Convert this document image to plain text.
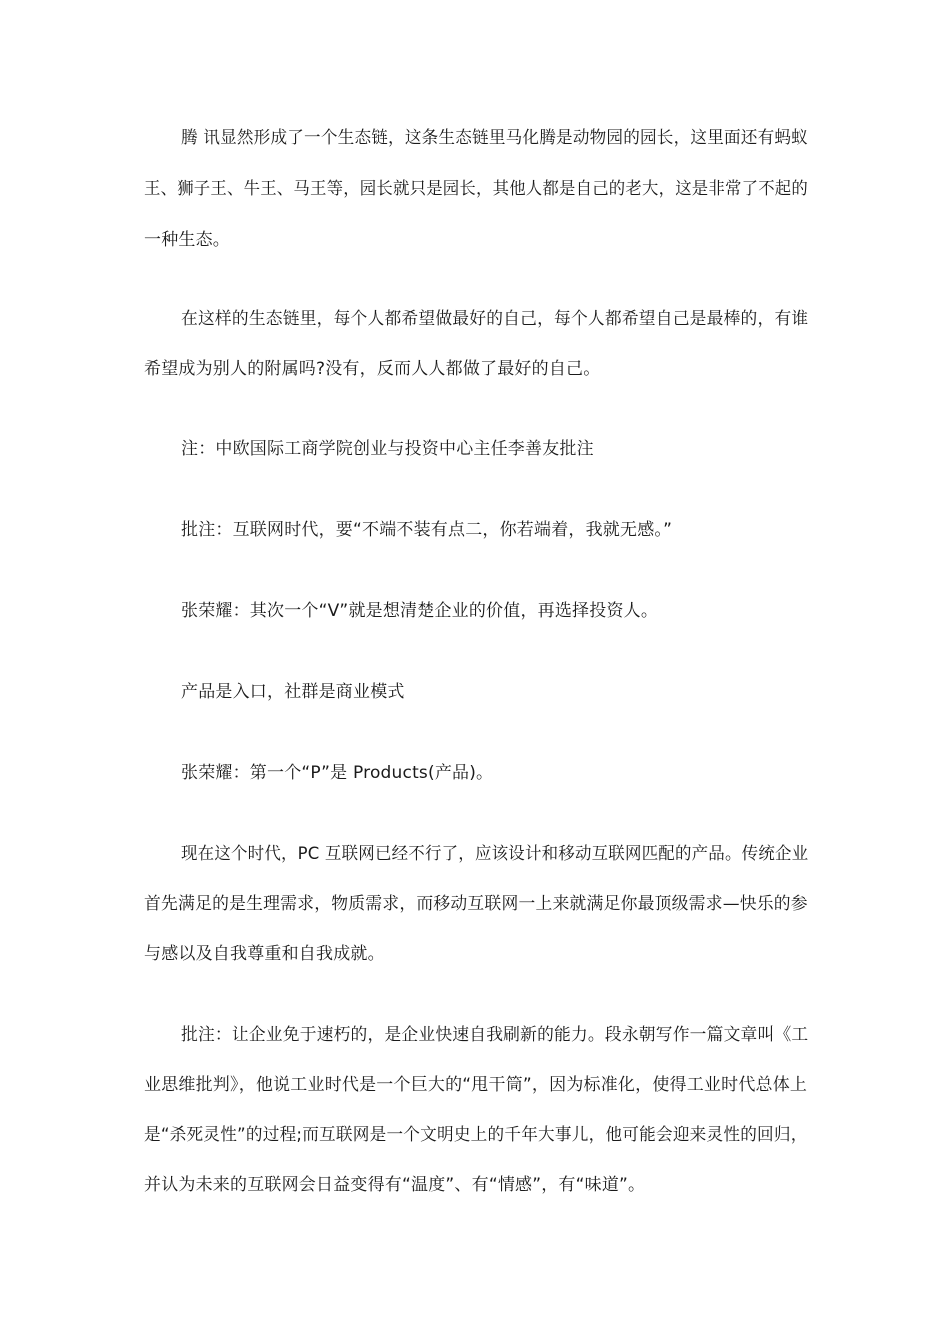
腾 讯显然形成了一个生态链，这条生态链里马化腾是动物园的园长，这里面还有蚂蚁
王、狮子王、牛王、马王等，园长就只是园长，其他人都是自己的老大，这是非常了不起的
一种生态。
在这样的生态链里，每个人都希望做最好的自己，每个人都希望自己是最棒的，有谁
希望成为别人的附属吗?没有，反而人人都做了最好的自己。
注：中欧国际工商学院创业与投资中心主任李善友批注
批注：互联网时代，要“不端不装有点二，你若端着，我就无感。”
张荣耀：其次一个“V”就是想清楚企业的价值，再选择投资人。
产品是入口，社群是商业模式
张荣耀：第一个“P”是 Products(产品)。
现在这个时代，PC 互联网已经不行了，应该设计和移动互联网匹配的产品。传统企业
首先满足的是生理需求，物质需求，而移动互联网一上来就满足你最顶级需求—快乐的参
与感以及自我尊重和自我成就。
批注：让企业免于速朽的，是企业快速自我刷新的能力。段永朝写作一篇文章叫《工
业思维批判》，他说工业时代是一个巨大的“甩干筒”，因为标准化，使得工业时代总体上
是“杀死灵性”的过程;而互联网是一个文明史上的千年大事儿，他可能会迎来灵性的回归，
并认为未来的互联网会日益变得有“温度”、有“情感”，有“味道”。
